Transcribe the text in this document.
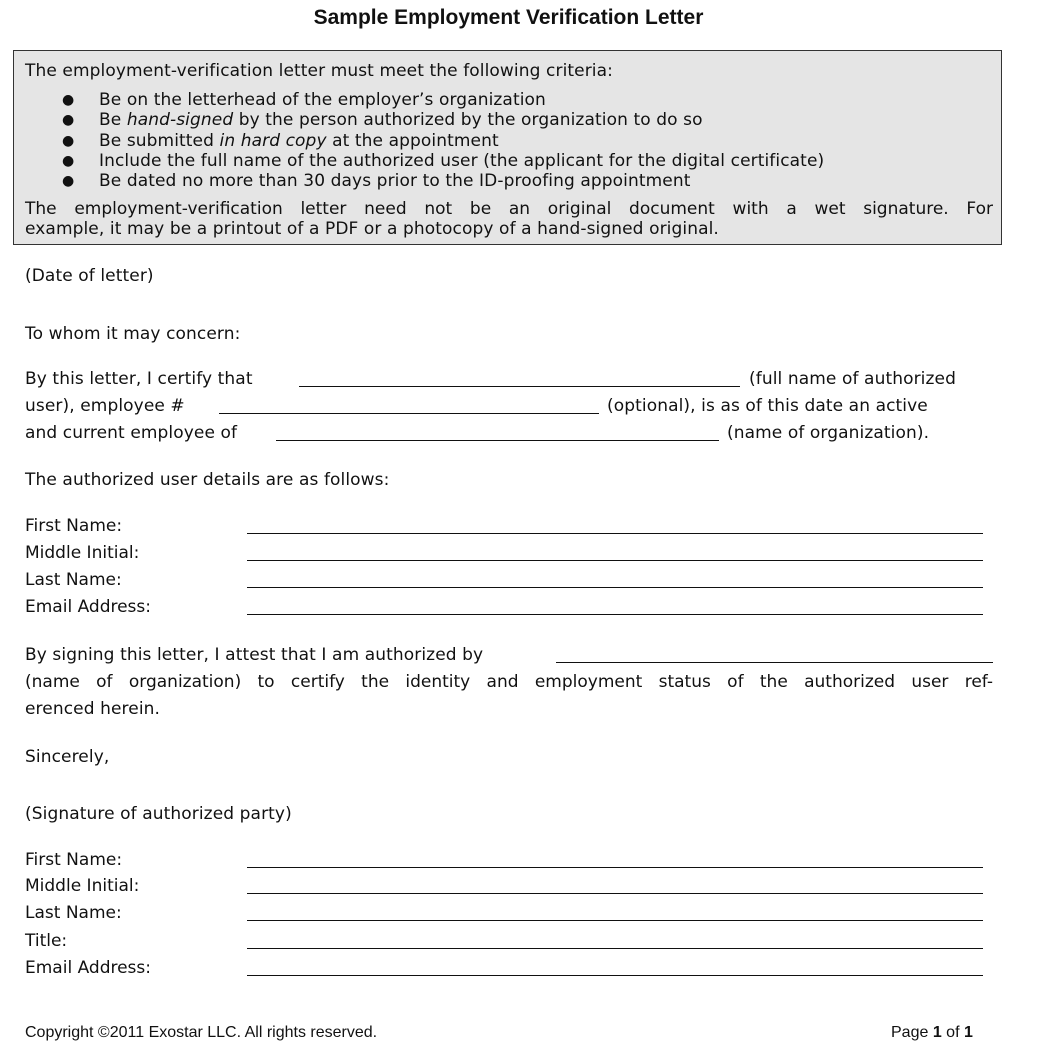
Sample Employment Verification Letter
The employment-verification letter must meet the following criteria:
● Be on the letterhead of the employer’s organization
● Be hand-signed by the person authorized by the organization to do so
● Be submitted in hard copy at the appointment
● Include the full name of the authorized user (the applicant for the digital certificate)
● Be dated no more than 30 days prior to the ID-proofing appointment
The employment-verification letter need not be an original document with a wet signature. For
example, it may be a printout of a PDF or a photocopy of a hand-signed original.
(Date of letter)
To whom it may concern:
By this letter, I certify that	(full name of authorized
user), employee #	(optional), is as of this date an active
and current employee of	(name of organization).
The authorized user details are as follows:
First Name:
Middle Initial:
Last Name:
Email Address:
By signing this letter, I attest that I am authorized by
(name of organization) to certify the identity and employment status of the authorized user ref-
erenced herein.
Sincerely,
(Signature of authorized party)
First Name:
Middle Initial:
Last Name:
Title:
Email Address:
Copyright ©2011 Exostar LLC. All rights reserved.	Page 1 of 1
